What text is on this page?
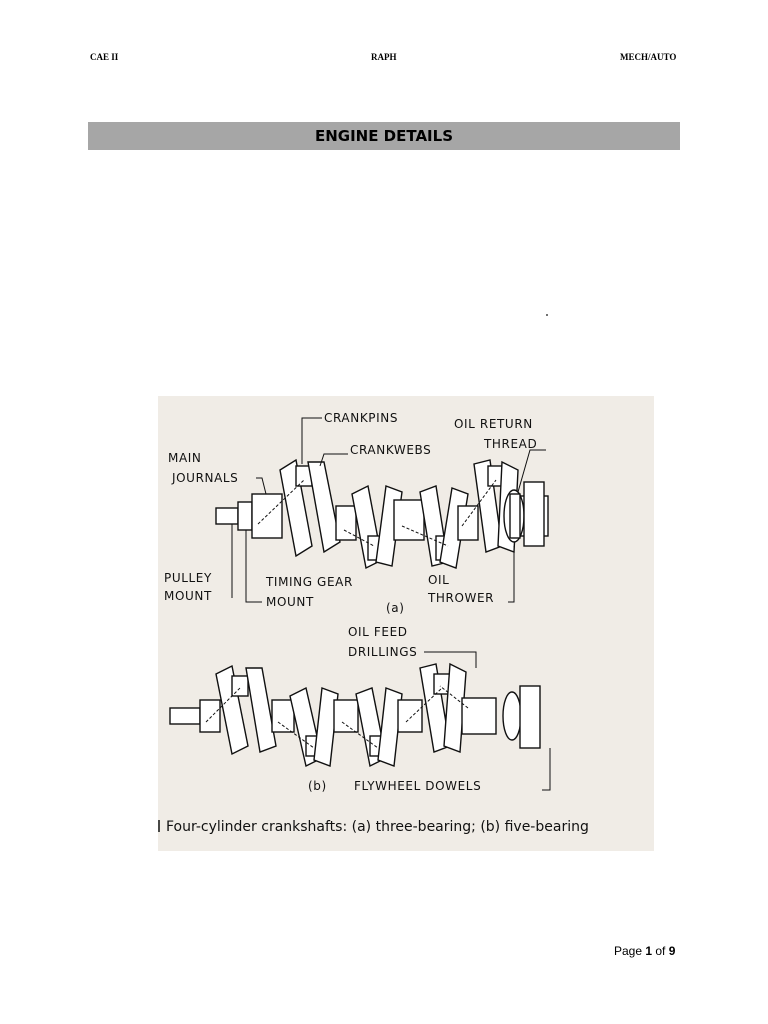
CAE II	RAPH	MECH/AUTO
ENGINE DETAILS
CRANKPINS	OIL RETURN
THREAD
CRANKWEBS
MAIN
JOURNALS
PULLEY
MOUNT
TIMING GEAR
MOUNT
OIL
THROWER
(a)
OIL FEED
DRILLINGS
(b) FLYWHEEL DOWELS
Four-cylinder crankshafts: (a) three-bearing; (b) five-bearing
Page 1 of 9
